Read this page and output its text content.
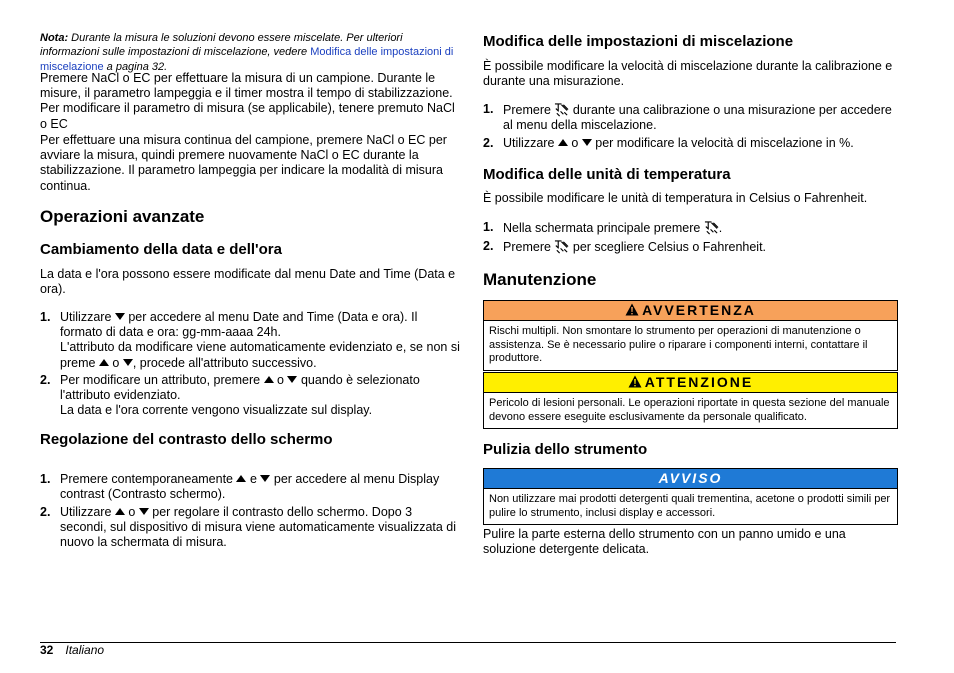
Nota: Durante la misura le soluzioni devono essere miscelate. Per ulteriori informazioni sulle impostazioni di miscelazione, vedere Modifica delle impostazioni di miscelazione a pagina 32.

Premere NaCl o EC per effettuare la misura di un campione. Durante le misure, il parametro lampeggia e il timer mostra il tempo di stabilizzazione. Per modificare il parametro di misura (se applicabile), tenere premuto NaCl o EC

Per effettuare una misura continua del campione, premere NaCl o EC per avviare la misura, quindi premere nuovamente NaCl o EC durante la stabilizzazione. Il parametro lampeggia per indicare la modalità di misura continua.

Operazioni avanzate
Cambiamento della data e dell'ora

La data e l'ora possono essere modificate dal menu Date and Time (Data e ora).

1. Utilizzare  per accedere al menu Date and Time (Data e ora). Il formato di data e ora: gg-mm-aaaa 24h.
L'attributo da modificare viene automaticamente evidenziato e, se non si preme  o , procede all'attributo successivo.
2. Per modificare un attributo, premere  o  quando è selezionato l'attributo evidenziato.
La data e l'ora corrente vengono visualizzate sul display.
Regolazione del contrasto dello schermo
1. Premere contemporaneamente  e  per accedere al menu Display contrast (Contrasto schermo).
2. Utilizzare  o  per regolare il contrasto dello schermo. Dopo 3 secondi, sul dispositivo di misura viene automaticamente visualizzata di nuovo la schermata di misura.
Modifica delle impostazioni di miscelazione

È possibile modificare la velocità di miscelazione durante la calibrazione e durante una misurazione.

1. Premere  durante una calibrazione o una misurazione per accedere al menu della miscelazione.
2. Utilizzare  o  per modificare la velocità di miscelazione in %.
Modifica delle unità di temperatura

È possibile modificare le unità di temperatura in Celsius o Fahrenheit.

1. Nella schermata principale premere .
2. Premere  per scegliere Celsius o Fahrenheit.
Manutenzione
AVVERTENZA
Rischi multipli. Non smontare lo strumento per operazioni di manutenzione o assistenza. Se è necessario pulire o riparare i componenti interni, contattare il produttore.
ATTENZIONE
Pericolo di lesioni personali. Le operazioni riportate in questa sezione del manuale devono essere eseguite esclusivamente da personale qualificato.
Pulizia dello strumento
AVVISO
Non utilizzare mai prodotti detergenti quali trementina, acetone o prodotti simili per pulire lo strumento, inclusi display e accessori.

Pulire la parte esterna dello strumento con un panno umido e una soluzione detergente delicata.

32 Italiano
